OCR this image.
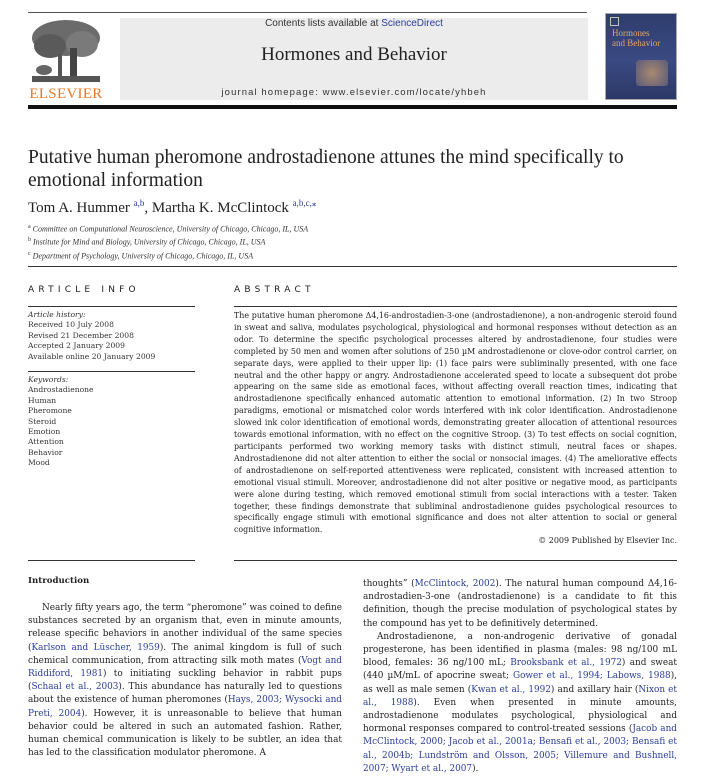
ELSEVIER
Contents lists available at ScienceDirect
Hormones and Behavior
journal homepage: www.elsevier.com/locate/yhbeh
Hormones
and Behavior
Putative human pheromone androstadienone attunes the mind specifically to emotional information
Tom A. Hummer $^{a,b}$, Martha K. McClintock $^{a,b,c,⁎}$
$^a$ Committee on Computational Neuroscience, University of Chicago, Chicago, IL, USA
$^b$ Institute for Mind and Biology, University of Chicago, Chicago, IL, USA
$^c$ Department of Psychology, University of Chicago, Chicago, IL, USA
ARTICLE INFO	ABSTRACT
Article history:
Received 10 July 2008
Revised 21 December 2008
Accepted 2 January 2009
Available online 20 January 2009
Keywords:
Androstadienone
Human
Pheromone
Steroid
Emotion
Attention
Behavior
Mood
The putative human pheromone Δ4,16-androstadien-3-one (androstadienone), a non-androgenic steroid found in sweat and saliva, modulates psychological, physiological and hormonal responses without detection as an odor. To determine the specific psychological processes altered by androstadienone, four studies were completed by 50 men and women after solutions of 250 µM androstadienone or clove-odor control carrier, on separate days, were applied to their upper lip: (1) face pairs were subliminally presented, with one face neutral and the other happy or angry. Androstadienone accelerated speed to locate a subsequent dot probe appearing on the same side as emotional faces, without affecting overall reaction times, indicating that androstadienone specifically enhanced automatic attention to emotional information. (2) In two Stroop paradigms, emotional or mismatched color words interfered with ink color identification. Androstadienone slowed ink color identification of emotional words, demonstrating greater allocation of attentional resources towards emotional information, with no effect on the cognitive Stroop. (3) To test effects on social cognition, participants performed two working memory tasks with distinct stimuli, neutral faces or shapes. Androstadienone did not alter attention to either the social or nonsocial images. (4) The ameliorative effects of androstadienone on self-reported attentiveness were replicated, consistent with increased attention to emotional visual stimuli. Moreover, androstadienone did not alter positive or negative mood, as participants were alone during testing, which removed emotional stimuli from social interactions with a tester. Taken together, these findings demonstrate that subliminal androstadienone guides psychological resources to specifically engage stimuli with emotional significance and does not alter attention to social or general cognitive information.
© 2009 Published by Elsevier Inc.
Introduction
Nearly fifty years ago, the term “pheromone” was coined to define substances secreted by an organism that, even in minute amounts, release specific behaviors in another individual of the same species (Karlson and Lüscher, 1959). The animal kingdom is full of such chemical communication, from attracting silk moth mates (Vogt and Riddiford, 1981) to initiating suckling behavior in rabbit pups (Schaal et al., 2003). This abundance has naturally led to questions about the existence of human pheromones (Hays, 2003; Wysocki and Preti, 2004). However, it is unreasonable to believe that human behavior could be altered in such an automated fashion. Rather, human chemical communication is likely to be subtler, an idea that has led to the classification modulator pheromone. A

thoughts” (McClintock, 2002). The natural human compound Δ4,16-androstadien-3-one (androstadienone) is a candidate to fit this definition, though the precise modulation of psychological states by the compound has yet to be definitively determined.

Androstadienone, a non-androgenic derivative of gonadal progesterone, has been identified in plasma (males: 98 ng/100 mL blood, females: 36 ng/100 mL; Brooksbank et al., 1972) and sweat (440 µM/mL of apocrine sweat; Gower et al., 1994; Labows, 1988), as well as male semen (Kwan et al., 1992) and axillary hair (Nixon et al., 1988). Even when presented in minute amounts, androstadienone modulates psychological, physiological and hormonal responses compared to control-treated sessions (Jacob and McClintock, 2000; Jacob et al., 2001a; Bensafi et al., 2003; Bensafi et al., 2004b; Lundström and Olsson, 2005; Villemure and Bushnell, 2007; Wyart et al., 2007).
